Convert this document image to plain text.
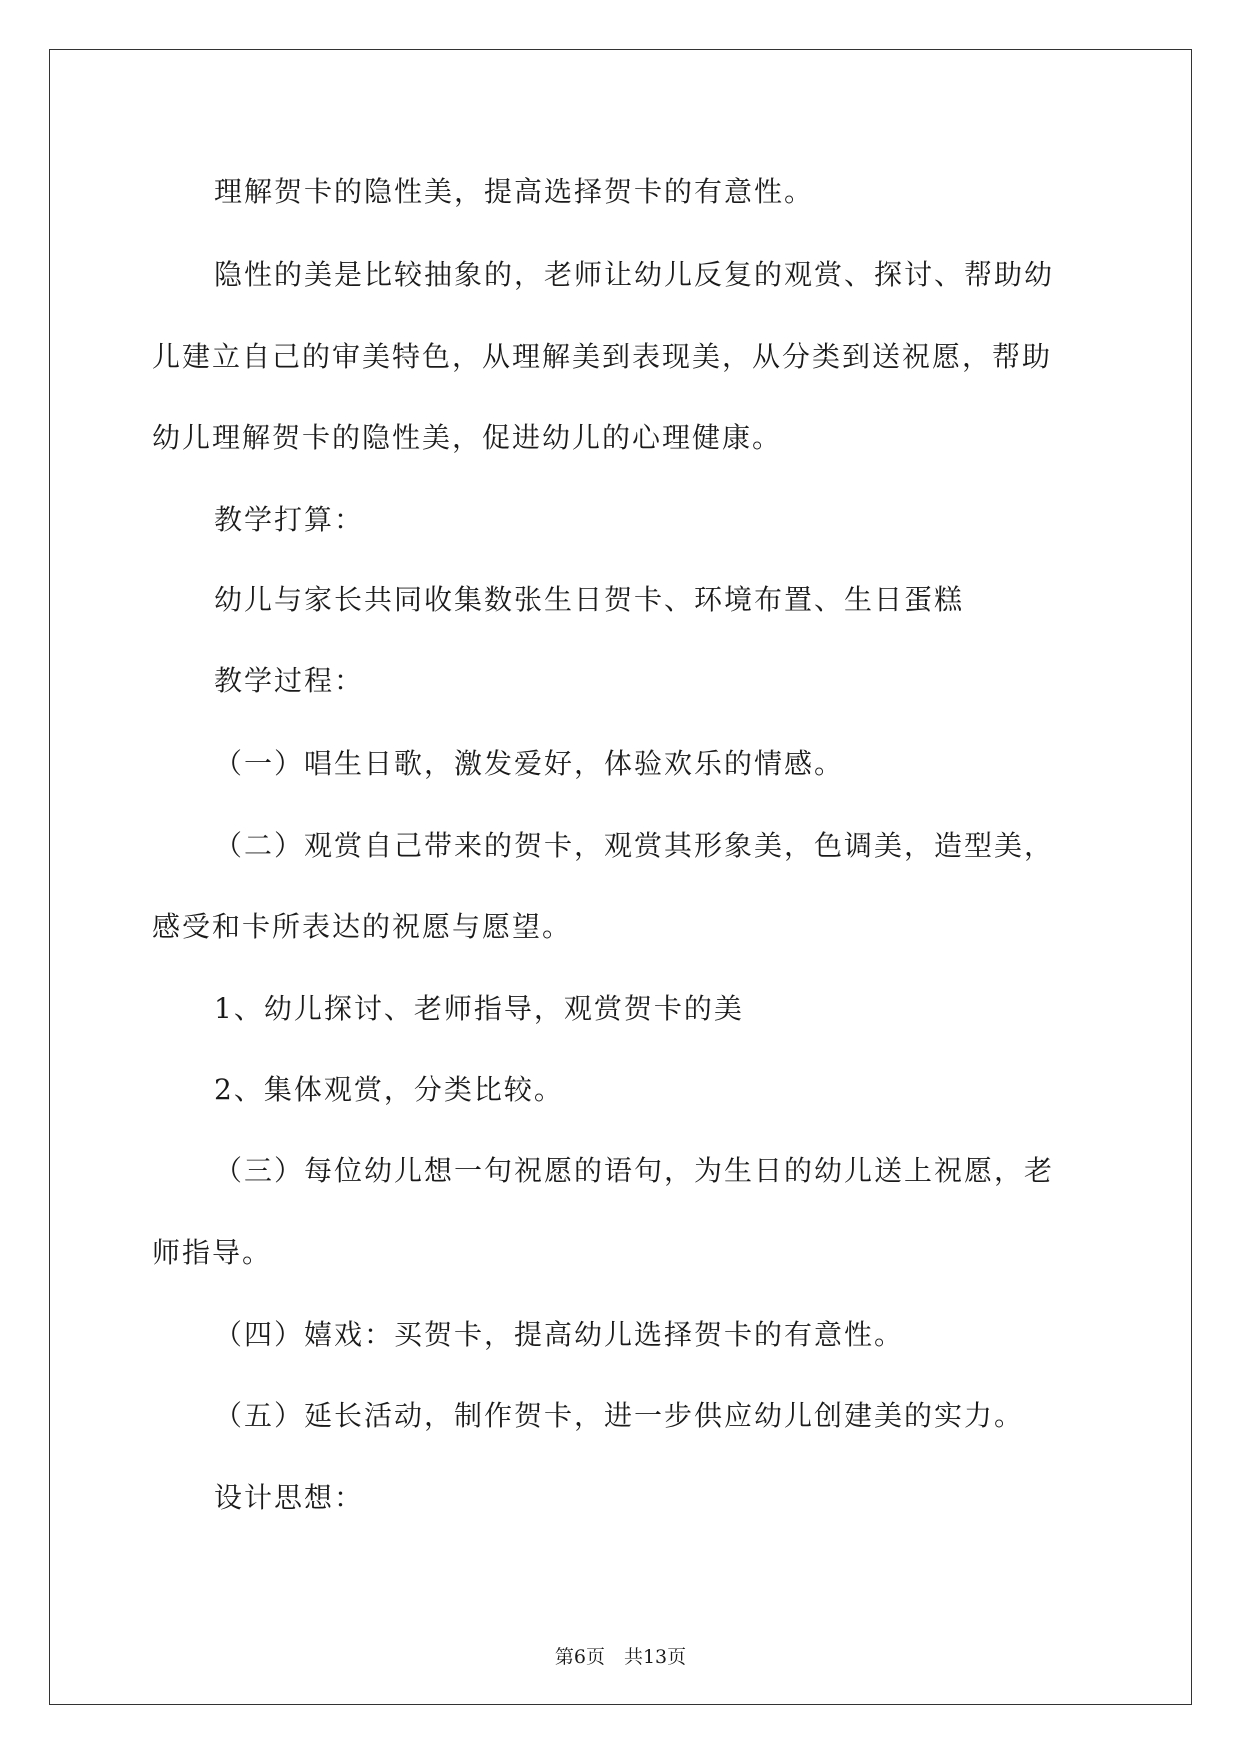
理解贺卡的隐性美，提高选择贺卡的有意性。
隐性的美是比较抽象的，老师让幼儿反复的观赏、探讨、帮助幼
儿建立自己的审美特色，从理解美到表现美，从分类到送祝愿，帮助
幼儿理解贺卡的隐性美，促进幼儿的心理健康。
教学打算：
幼儿与家长共同收集数张生日贺卡、环境布置、生日蛋糕
教学过程：
（一）唱生日歌，激发爱好，体验欢乐的情感。
（二）观赏自己带来的贺卡，观赏其形象美，色调美，造型美，
感受和卡所表达的祝愿与愿望。
1、幼儿探讨、老师指导，观赏贺卡的美
2、集体观赏，分类比较。
（三）每位幼儿想一句祝愿的语句，为生日的幼儿送上祝愿，老
师指导。
（四）嬉戏：买贺卡，提高幼儿选择贺卡的有意性。
（五）延长活动，制作贺卡，进一步供应幼儿创建美的实力。
设计思想：
第6页　共13页
